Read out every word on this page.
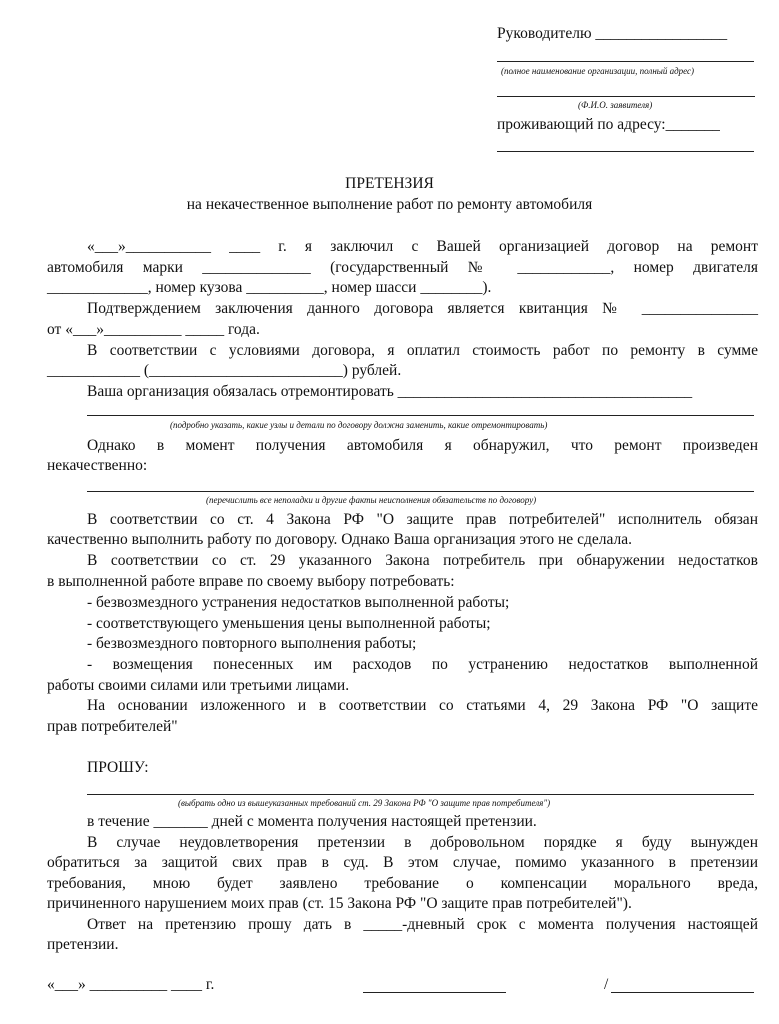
Руководителю _________________
(полное наименование организации, полный адрес)
(Ф.И.О. заявителя)
проживающий по адресу:_______
ПРЕТЕНЗИЯ
на некачественное выполнение работ по ремонту автомобиля
«___»___________ ____ г. я заключил с Вашей организацией договор на ремонт
автомобиля марки ______________ (государственный № ____________, номер двигателя
_____________, номер кузова __________, номер шасси ________).
Подтверждением заключения данного договора является квитанция № _______________
от «___»__________ _____ года.
В соответствии с условиями договора, я оплатил стоимость работ по ремонту в сумме
____________ (_________________________) рублей.
Ваша организация обязалась отремонтировать ______________________________________
(подробно указать, какие узлы и детали по договору должна заменить, какие отремонтировать)
Однако в момент получения автомобиля я обнаружил, что ремонт произведен
некачественно:
(перечислить все неполадки и другие факты неисполнения обязательств по договору)
В соответствии со ст. 4 Закона РФ "О защите прав потребителей" исполнитель обязан
качественно выполнить работу по договору. Однако Ваша организация этого не сделала.
В соответствии со ст. 29 указанного Закона потребитель при обнаружении недостатков
в выполненной работе вправе по своему выбору потребовать:
- безвозмездного устранения недостатков выполненной работы;
- соответствующего уменьшения цены выполненной работы;
- безвозмездного повторного выполнения работы;
- возмещения понесенных им расходов по устранению недостатков выполненной
работы своими силами или третьими лицами.
На основании изложенного и в соответствии со статьями 4, 29 Закона РФ "О защите
прав потребителей"
ПРОШУ:
(выбрать одно из вышеуказанных требований ст. 29 Закона РФ "О защите прав потребителя")
в течение _______ дней с момента получения настоящей претензии.
В случае неудовлетворения претензии в добровольном порядке я буду вынужден
обратиться за защитой свих прав в суд. В этом случае, помимо указанного в претензии
требования, мною будет заявлено требование о компенсации морального вреда,
причиненного нарушением моих прав (ст. 15 Закона РФ "О защите прав потребителей").
Ответ на претензию прошу дать в _____-дневный срок с момента получения настоящей
претензии.
«___» __________ ____ г.	/
